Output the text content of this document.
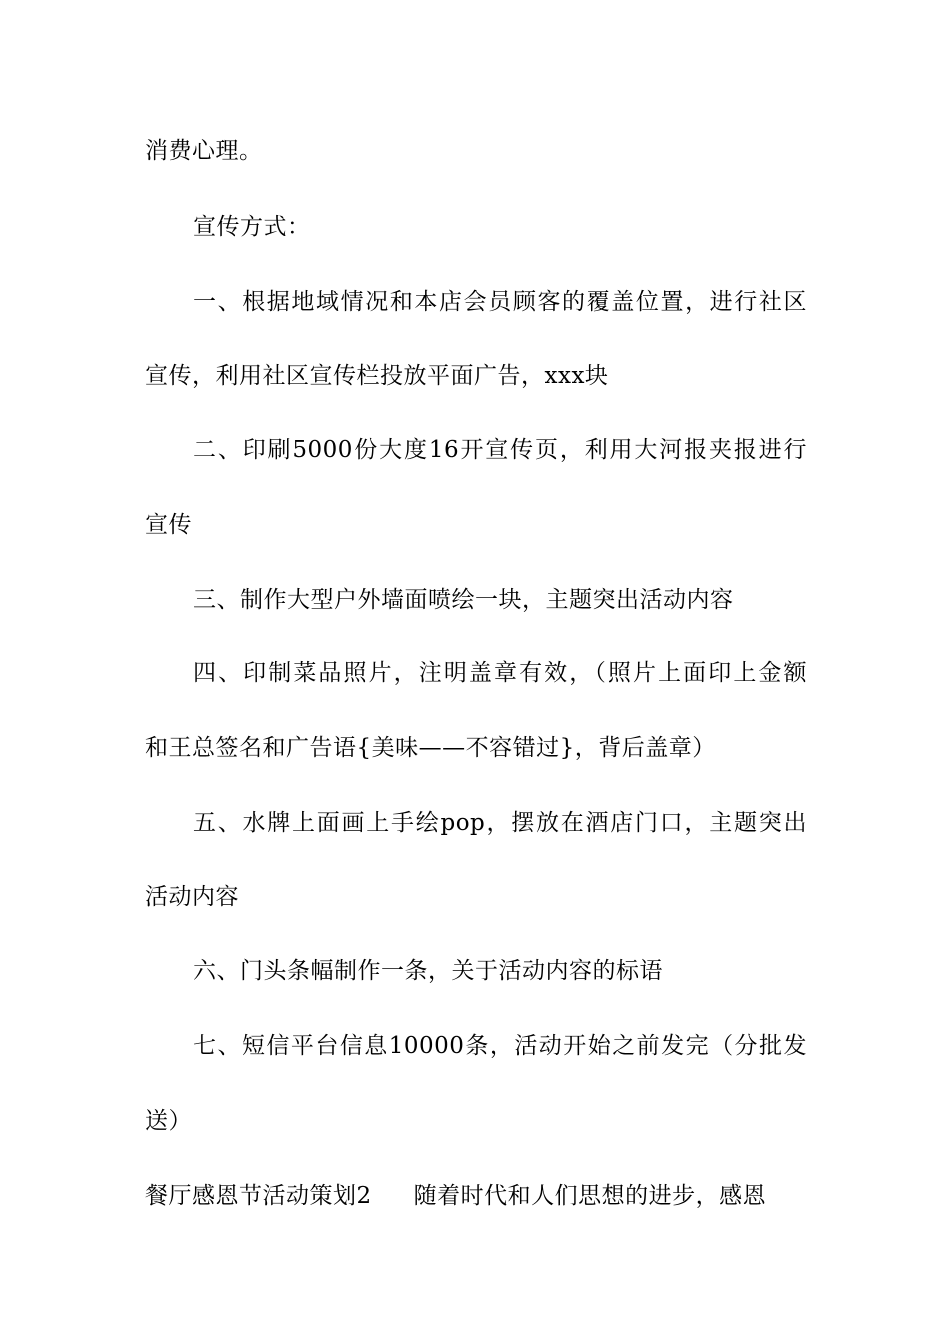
消费心理。
宣传方式：
一、根据地域情况和本店会员顾客的覆盖位置，进行社区
宣传，利用社区宣传栏投放平面广告，xxx块
二、印刷5000份大度16开宣传页，利用大河报夹报进行
宣传
三、制作大型户外墙面喷绘一块，主题突出活动内容
四、印制菜品照片，注明盖章有效，（照片上面印上金额
和王总签名和广告语{美味——不容错过}，背后盖章）
五、水牌上面画上手绘pop，摆放在酒店门口，主题突出
活动内容
六、门头条幅制作一条，关于活动内容的标语
七、短信平台信息10000条，活动开始之前发完（分批发
送）
餐厅感恩节活动策划2 随着时代和人们思想的进步，感恩
